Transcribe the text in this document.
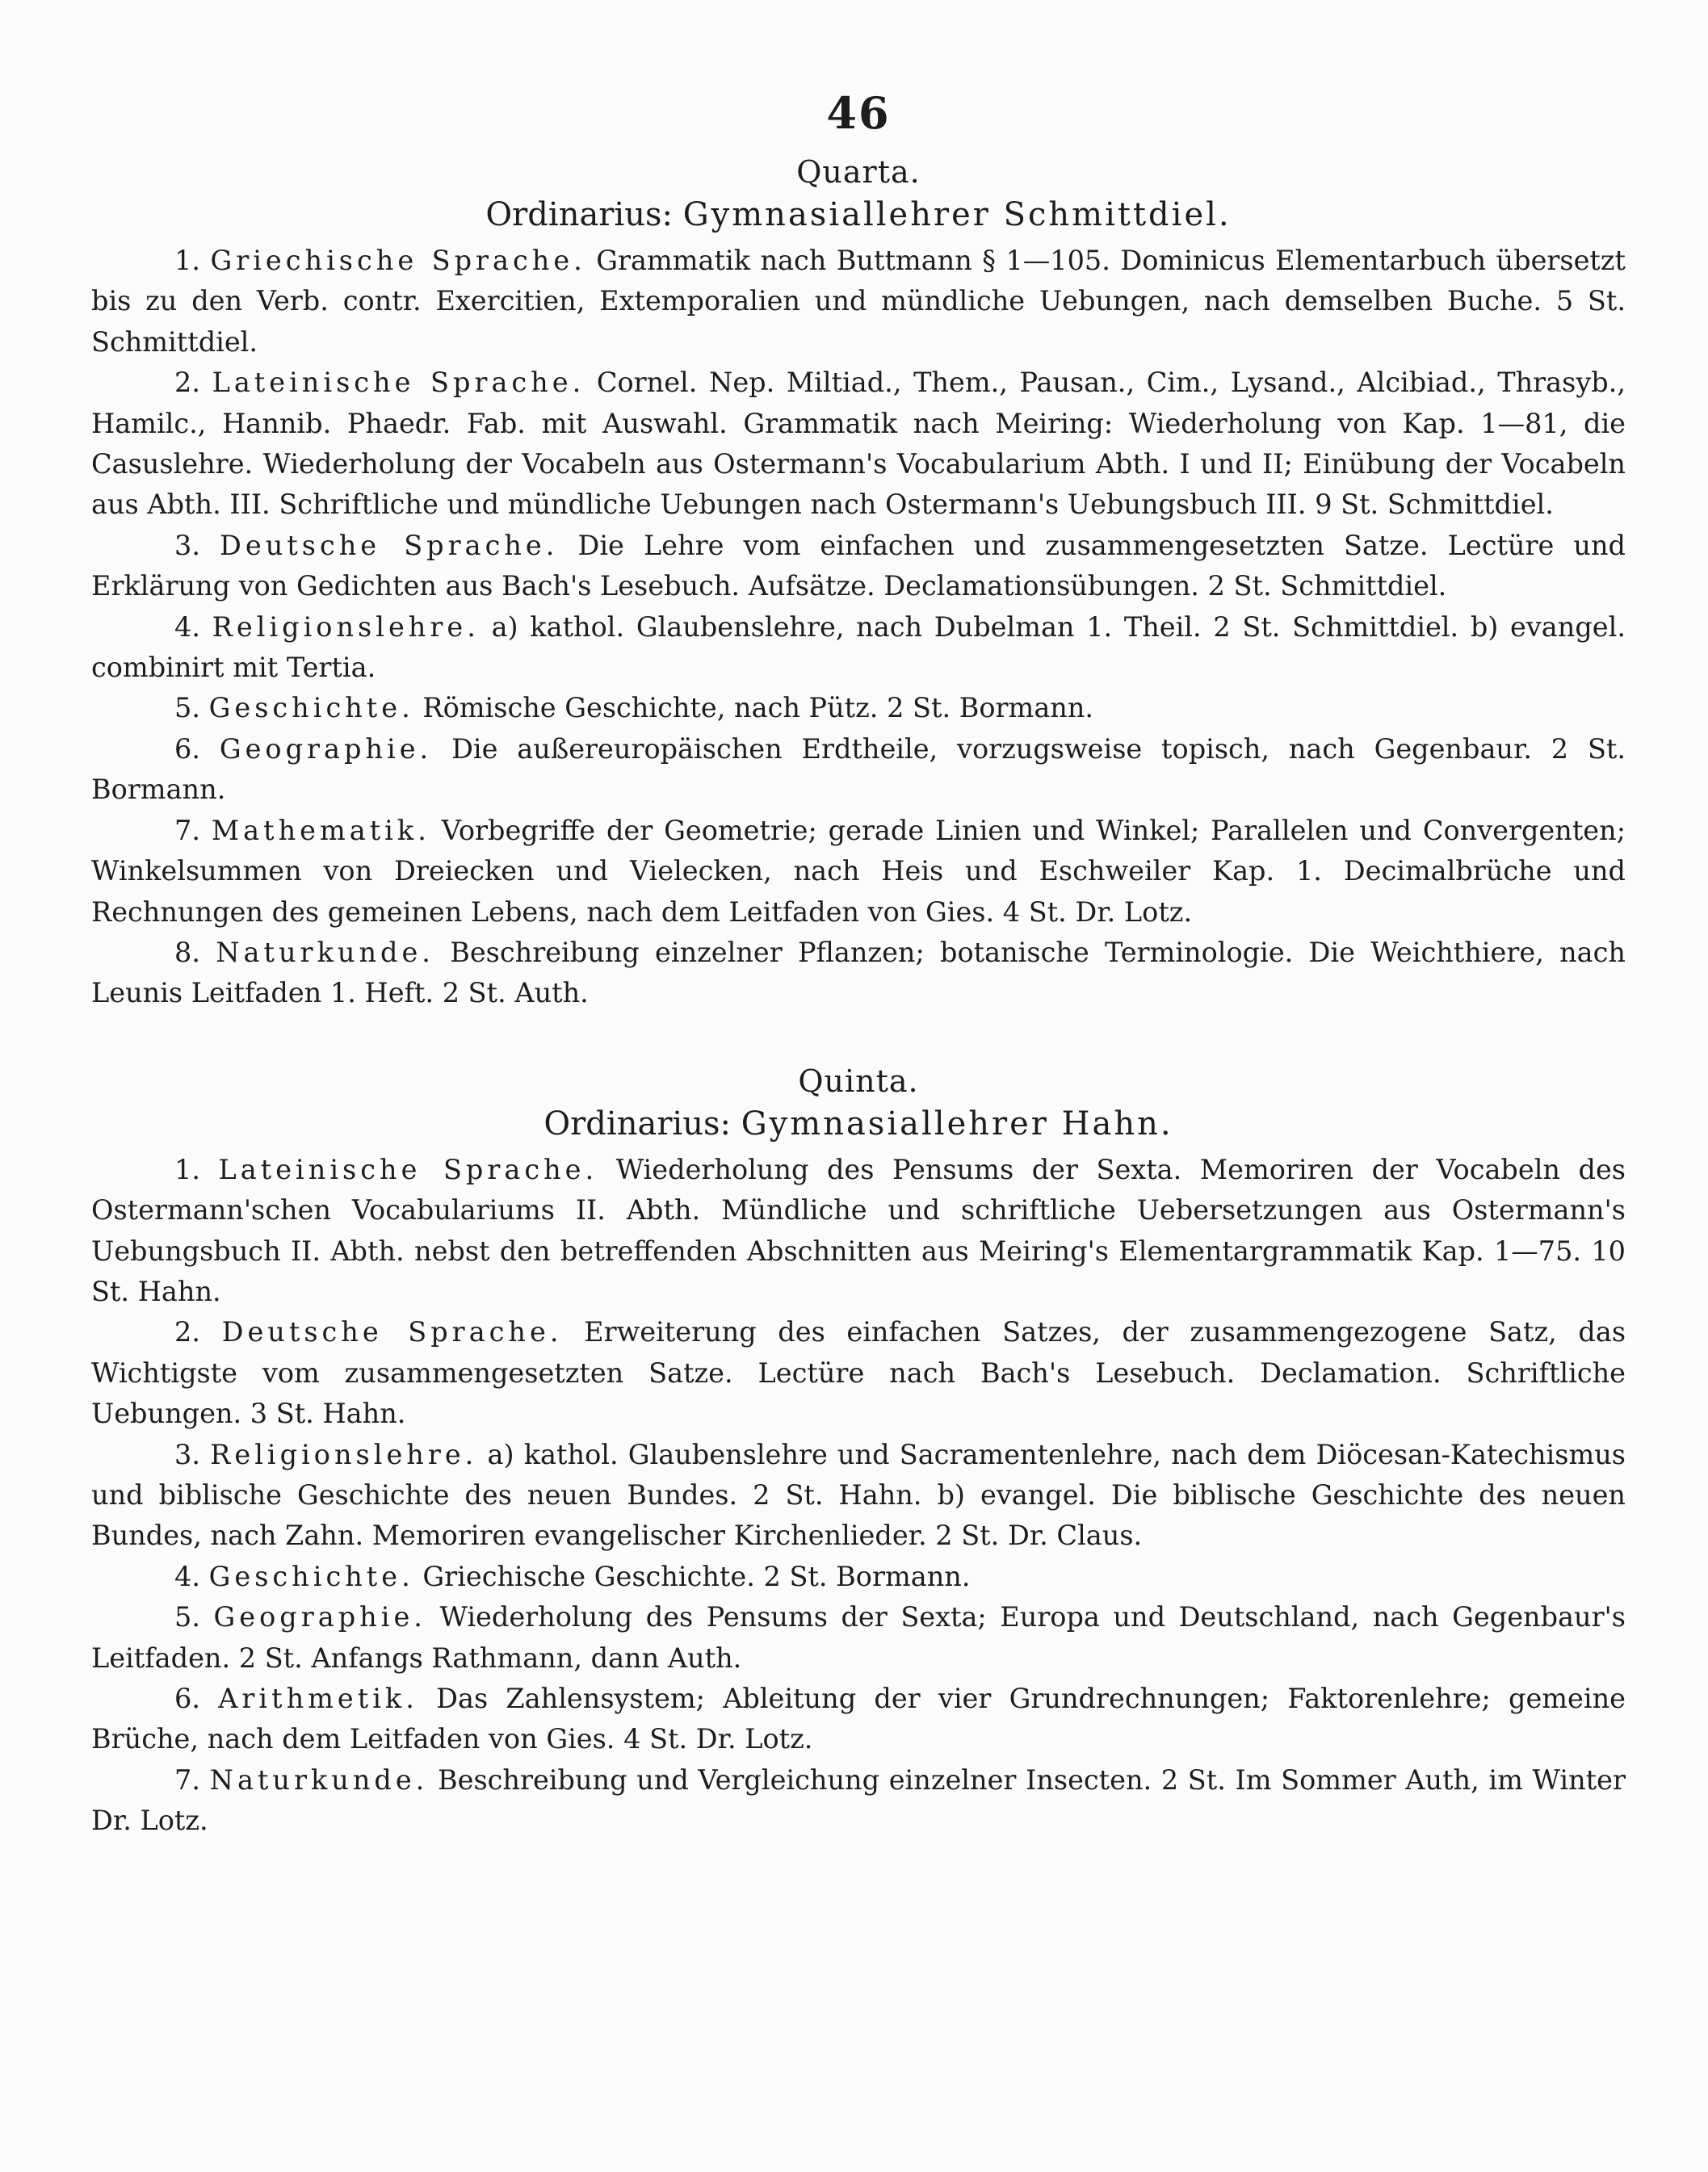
46
Quarta.
Ordinarius: Gymnasiallehrer Schmittdiel.

1. Griechische Sprache. Grammatik nach Buttmann § 1—105. Dominicus Elementarbuch übersetzt bis zu den Verb. contr. Exercitien, Extemporalien und mündliche Uebungen, nach demselben Buche. 5 St. Schmittdiel.

2. Lateinische Sprache. Cornel. Nep. Miltiad., Them., Pausan., Cim., Lysand., Alcibiad., Thrasyb., Hamilc., Hannib. Phaedr. Fab. mit Auswahl. Grammatik nach Meiring: Wiederholung von Kap. 1—81, die Casuslehre. Wiederholung der Vocabeln aus Ostermann's Vocabularium Abth. I und II; Einübung der Vocabeln aus Abth. III. Schriftliche und mündliche Uebungen nach Ostermann's Uebungsbuch III. 9 St. Schmittdiel.

3. Deutsche Sprache. Die Lehre vom einfachen und zusammengesetzten Satze. Lectüre und Erklärung von Gedichten aus Bach's Lesebuch. Aufsätze. Declamationsübungen. 2 St. Schmittdiel.

4. Religionslehre. a) kathol. Glaubenslehre, nach Dubelman 1. Theil. 2 St. Schmittdiel. b) evangel. combinirt mit Tertia.

5. Geschichte. Römische Geschichte, nach Pütz. 2 St. Bormann.

6. Geographie. Die außereuropäischen Erdtheile, vorzugsweise topisch, nach Gegenbaur. 2 St. Bormann.

7. Mathematik. Vorbegriffe der Geometrie; gerade Linien und Winkel; Parallelen und Convergenten; Winkelsummen von Dreiecken und Vielecken, nach Heis und Eschweiler Kap. 1. Decimalbrüche und Rechnungen des gemeinen Lebens, nach dem Leitfaden von Gies. 4 St. Dr. Lotz.

8. Naturkunde. Beschreibung einzelner Pflanzen; botanische Terminologie. Die Weichthiere, nach Leunis Leitfaden 1. Heft. 2 St. Auth.

Quinta.
Ordinarius: Gymnasiallehrer Hahn.

1. Lateinische Sprache. Wiederholung des Pensums der Sexta. Memoriren der Vocabeln des Ostermann'schen Vocabulariums II. Abth. Mündliche und schriftliche Uebersetzungen aus Ostermann's Uebungsbuch II. Abth. nebst den betreffenden Abschnitten aus Meiring's Elementargrammatik Kap. 1—75. 10 St. Hahn.

2. Deutsche Sprache. Erweiterung des einfachen Satzes, der zusammengezogene Satz, das Wichtigste vom zusammengesetzten Satze. Lectüre nach Bach's Lesebuch. Declamation. Schriftliche Uebungen. 3 St. Hahn.

3. Religionslehre. a) kathol. Glaubenslehre und Sacramentenlehre, nach dem Diöcesan-Katechismus und biblische Geschichte des neuen Bundes. 2 St. Hahn. b) evangel. Die biblische Geschichte des neuen Bundes, nach Zahn. Memoriren evangelischer Kirchenlieder. 2 St. Dr. Claus.

4. Geschichte. Griechische Geschichte. 2 St. Bormann.

5. Geographie. Wiederholung des Pensums der Sexta; Europa und Deutschland, nach Gegenbaur's Leitfaden. 2 St. Anfangs Rathmann, dann Auth.

6. Arithmetik. Das Zahlensystem; Ableitung der vier Grundrechnungen; Faktorenlehre; gemeine Brüche, nach dem Leitfaden von Gies. 4 St. Dr. Lotz.

7. Naturkunde. Beschreibung und Vergleichung einzelner Insecten. 2 St. Im Sommer Auth, im Winter Dr. Lotz.
